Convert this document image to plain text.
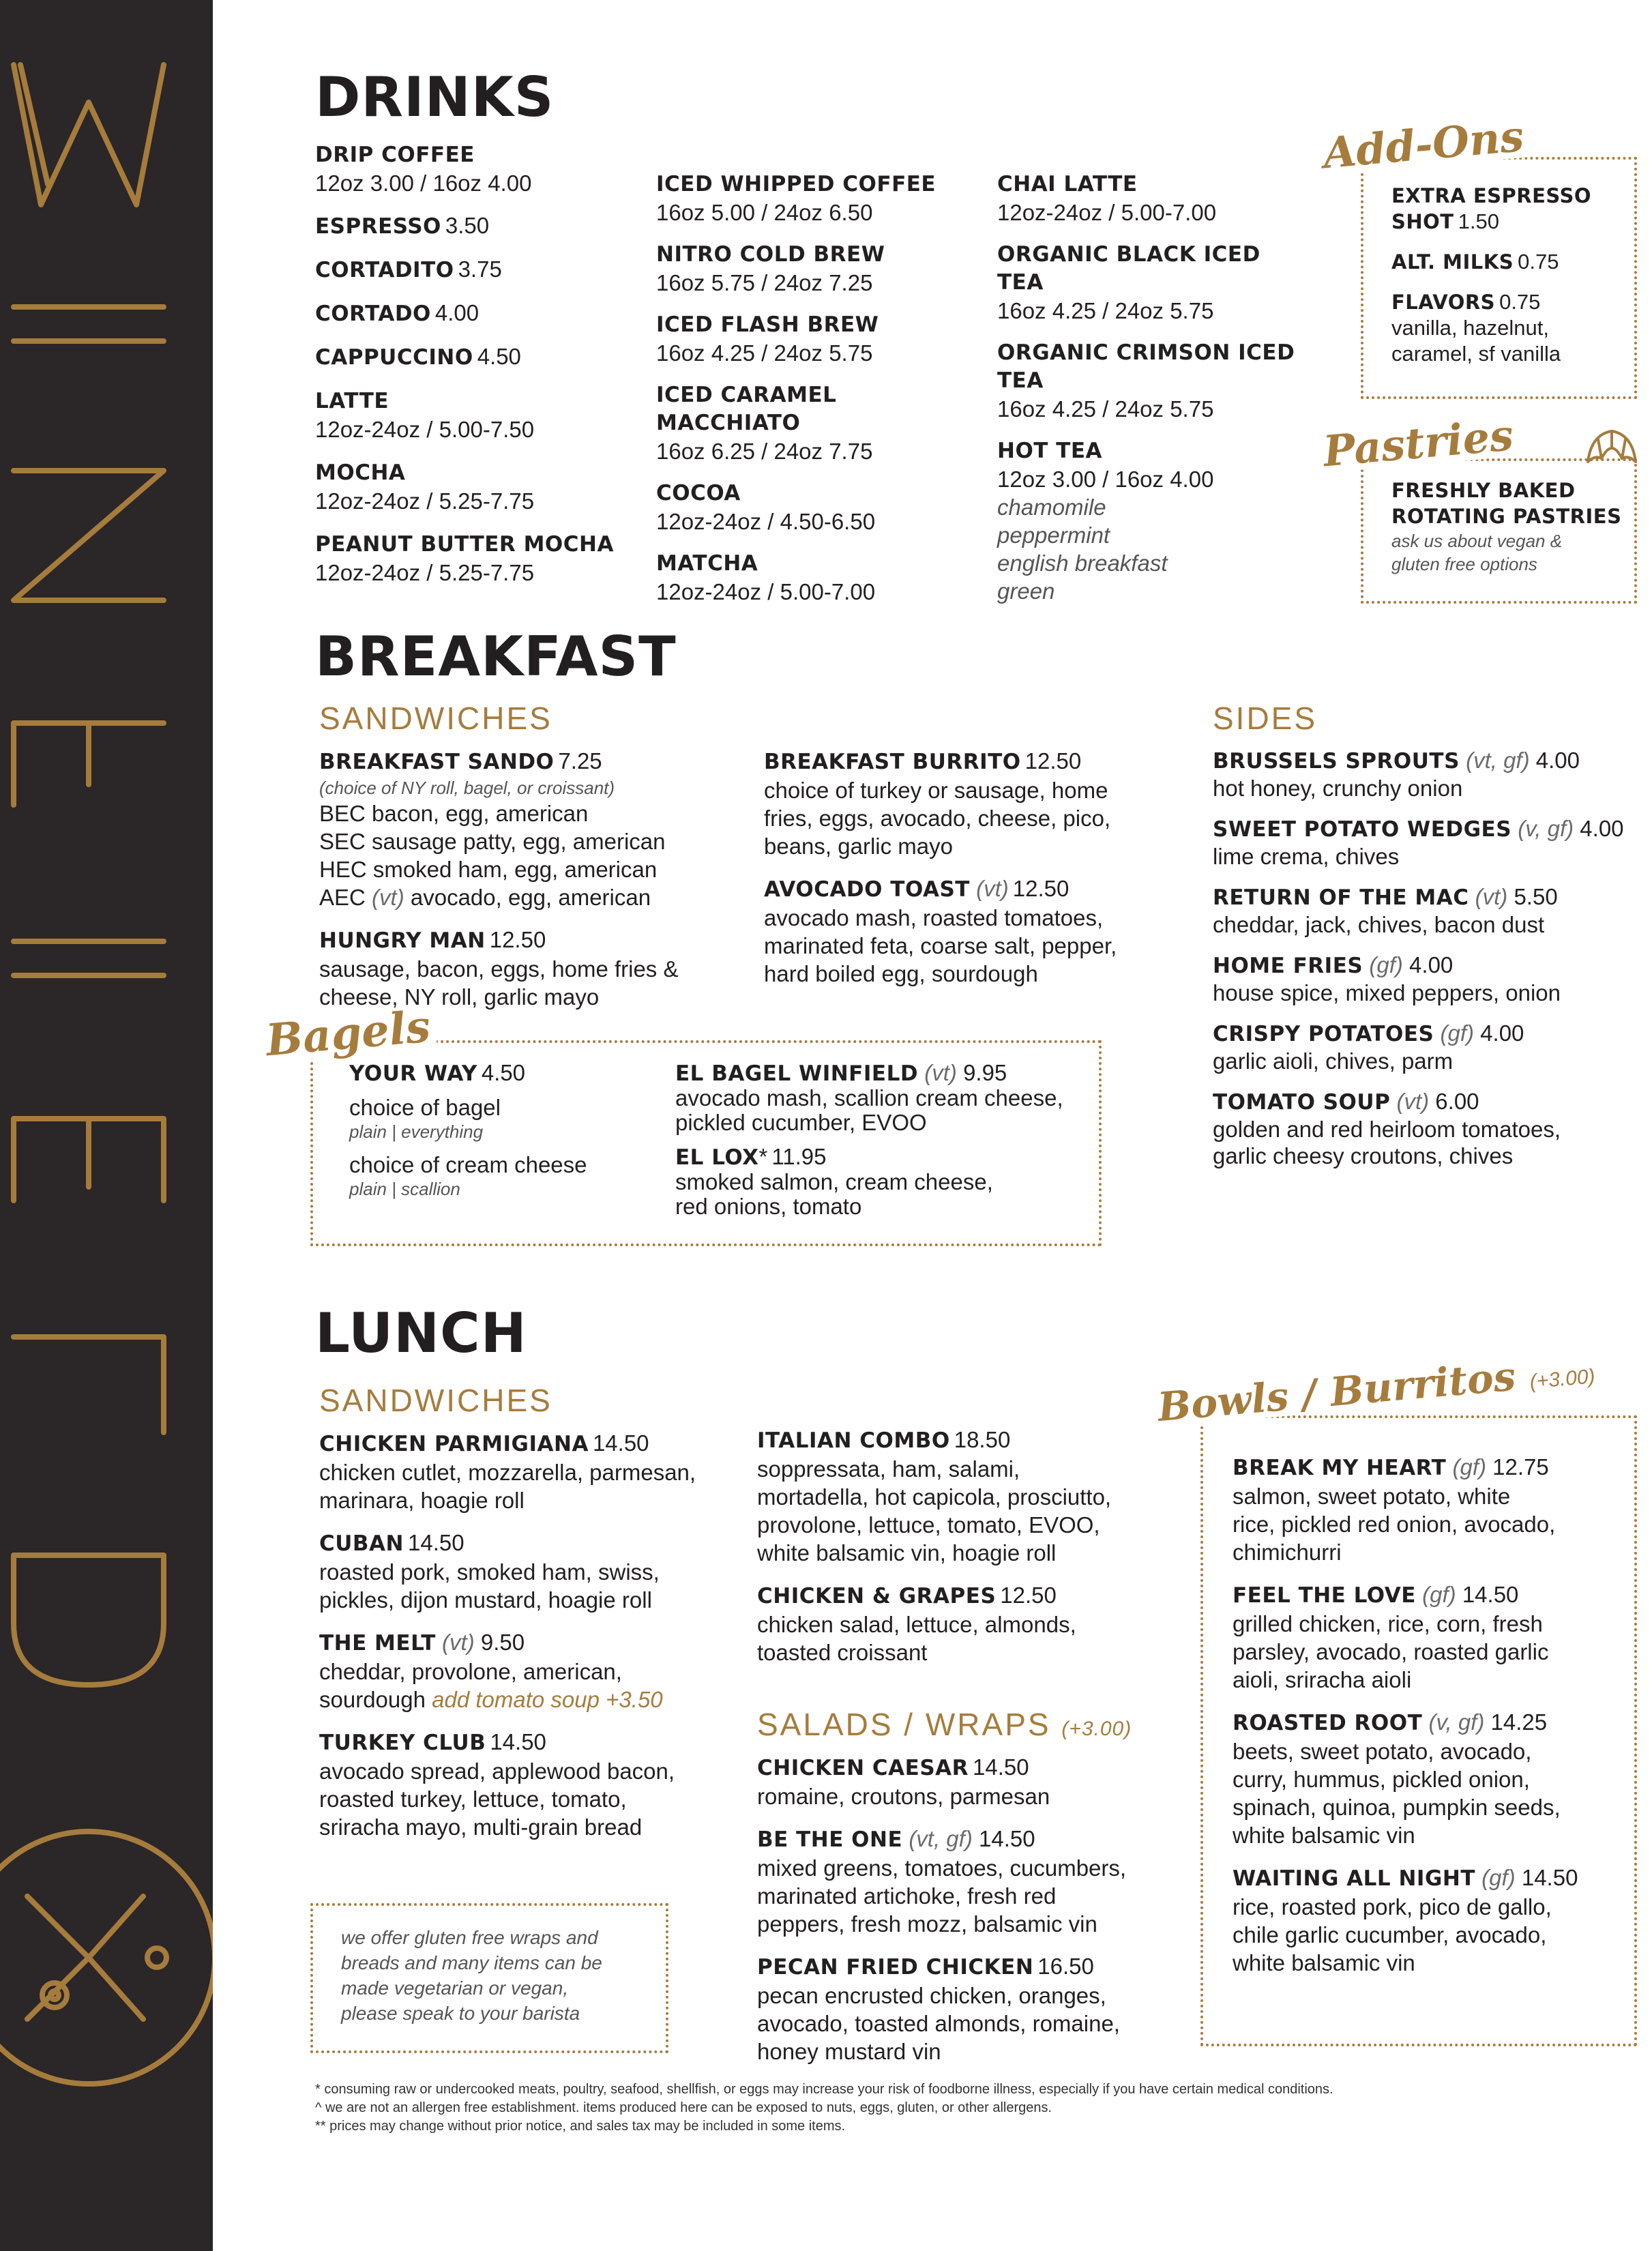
DRINKS
DRIP COFFEE
12oz 3.00 / 16oz 4.00
ESPRESSO 3.50
CORTADITO 3.75
CORTADO 4.00
CAPPUCCINO 4.50
LATTE
12oz-24oz / 5.00-7.50
MOCHA
12oz-24oz / 5.25-7.75
PEANUT BUTTER MOCHA
12oz-24oz / 5.25-7.75
ICED WHIPPED COFFEE
16oz 5.00 / 24oz 6.50
NITRO COLD BREW
16oz 5.75 / 24oz 7.25
ICED FLASH BREW
16oz 4.25 / 24oz 5.75
ICED CARAMEL MACCHIATO
16oz 6.25 / 24oz 7.75
COCOA
12oz-24oz / 4.50-6.50
MATCHA
12oz-24oz / 5.00-7.00
CHAI LATTE
12oz-24oz / 5.00-7.00
ORGANIC BLACK ICED TEA
16oz 4.25 / 24oz 5.75
ORGANIC CRIMSON ICED TEA
16oz 4.25 / 24oz 5.75
HOT TEA
12oz 3.00 / 16oz 4.00
chamomile
peppermint
english breakfast
green
Add-Ons
EXTRA ESPRESSO
SHOT 1.50
ALT. MILKS 0.75
FLAVORS 0.75
vanilla, hazelnut,
caramel, sf vanilla
Pastries
FRESHLY BAKED
ROTATING PASTRIES
ask us about vegan &
gluten free options
BREAKFAST
SANDWICHES	SIDES
BREAKFAST SANDO 7.25
(choice of NY roll, bagel, or croissant)
BEC bacon, egg, american
SEC sausage patty, egg, american
HEC smoked ham, egg, american
AEC (vt) avocado, egg, american
HUNGRY MAN 12.50
sausage, bacon, eggs, home fries &
cheese, NY roll, garlic mayo
BREAKFAST BURRITO 12.50
choice of turkey or sausage, home
fries, eggs, avocado, cheese, pico,
beans, garlic mayo
AVOCADO TOAST (vt) 12.50
avocado mash, roasted tomatoes,
marinated feta, coarse salt, pepper,
hard boiled egg, sourdough
BRUSSELS SPROUTS (vt, gf) 4.00
hot honey, crunchy onion
SWEET POTATO WEDGES (v, gf) 4.00
lime crema, chives
RETURN OF THE MAC (vt) 5.50
cheddar, jack, chives, bacon dust
HOME FRIES (gf) 4.00
house spice, mixed peppers, onion
CRISPY POTATOES (gf) 4.00
garlic aioli, chives, parm
TOMATO SOUP (vt) 6.00
golden and red heirloom tomatoes,
garlic cheesy croutons, chives
Bagels
YOUR WAY 4.50
choice of bagel
plain | everything
choice of cream cheese
plain | scallion
EL BAGEL WINFIELD (vt) 9.95
avocado mash, scallion cream cheese,
pickled cucumber, EVOO
EL LOX* 11.95
smoked salmon, cream cheese,
red onions, tomato
LUNCH
SANDWICHES
CHICKEN PARMIGIANA 14.50
chicken cutlet, mozzarella, parmesan,
marinara, hoagie roll
CUBAN 14.50
roasted pork, smoked ham, swiss,
pickles, dijon mustard, hoagie roll
THE MELT (vt) 9.50
cheddar, provolone, american,
sourdough add tomato soup +3.50
TURKEY CLUB 14.50
avocado spread, applewood bacon,
roasted turkey, lettuce, tomato,
sriracha mayo, multi-grain bread
ITALIAN COMBO 18.50
soppressata, ham, salami,
mortadella, hot capicola, prosciutto,
provolone, lettuce, tomato, EVOO,
white balsamic vin, hoagie roll
CHICKEN & GRAPES 12.50
chicken salad, lettuce, almonds,
toasted croissant
SALADS / WRAPS (+3.00)
CHICKEN CAESAR 14.50
romaine, croutons, parmesan
BE THE ONE (vt, gf) 14.50
mixed greens, tomatoes, cucumbers,
marinated artichoke, fresh red
peppers, fresh mozz, balsamic vin
PECAN FRIED CHICKEN 16.50
pecan encrusted chicken, oranges,
avocado, toasted almonds, romaine,
honey mustard vin
we offer gluten free wraps and
breads and many items can be
made vegetarian or vegan,
please speak to your barista
Bowls / Burritos (+3.00)
BREAK MY HEART (gf) 12.75
salmon, sweet potato, white
rice, pickled red onion, avocado,
chimichurri
FEEL THE LOVE (gf) 14.50
grilled chicken, rice, corn, fresh
parsley, avocado, roasted garlic
aioli, sriracha aioli
ROASTED ROOT (v, gf) 14.25
beets, sweet potato, avocado,
curry, hummus, pickled onion,
spinach, quinoa, pumpkin seeds,
white balsamic vin
WAITING ALL NIGHT (gf) 14.50
rice, roasted pork, pico de gallo,
chile garlic cucumber, avocado,
white balsamic vin
* consuming raw or undercooked meats, poultry, seafood, shellfish, or eggs may increase your risk of foodborne illness, especially if you have certain medical conditions.
^ we are not an allergen free establishment. items produced here can be exposed to nuts, eggs, gluten, or other allergens.
** prices may change without prior notice, and sales tax may be included in some items.
